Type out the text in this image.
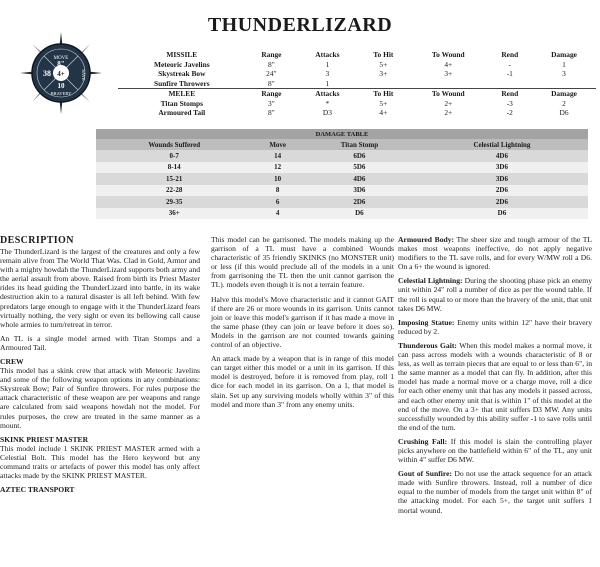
THUNDERLIZARD
4+
MOVE
8"
38	SAVE
10
BRAVERY
MISSILE	Range	Attacks	To Hit	To Wound	Rend	Damage
Meteoric Javelins	8"	1	5+	4+	-	1
Skystreak Bow	24"	3	3+	3+	-1	3
Sunfire Throwers	8"	1				
MELEE	Range	Attacks	To Hit	To Wound	Rend	Damage
Titan Stomps	3"	*	5+	2+	-3	2
Armoured Tail	8"	D3	4+	2+	-2	D6
DAMAGE TABLE			
Wounds Suffered	Move	Titan Stomp	Celestial Lightning
0-7	14	6D6	4D6
8-14	12	5D6	3D6
15-21	10	4D6	3D6
22-28	8	3D6	2D6
29-35	6	2D6	2D6
36+	4	D6	D6
DESCRIPTION

The ThunderLizard is the largest of the creatures and only a few remain alive from The World That Was. Clad in Gold, Armor and with a mighty howdah the ThunderLizard supports both army and the aerial assault from above. Raised from birth its Priest Master rides its head guiding the ThunderLizard into battle, in its wake destruction akin to a natural disaster is all left behind. With few predators large enough to engage with it the ThunderLizard fears virtually nothing, the very sight or even its bellowing call cause whole armies to turn/retreat in terror.

An TL is a single model armed with Titan Stomps and a Armoured Tail.

CREW

This model has a skink crew that attack with Meteoric Javelins and some of the following weapon options in any combinations: Skystreak Bow; Pair of Sunfire throwers. For rules purpose the attack characteristic of these weapon are per weapons and range are calculated from said weapons howdah not the model. For rules purposes, the crew are treated in the same manner as a mount.

SKINK PRIEST MASTER

This model include 1 SKINK PRIEST MASTER armed with a Celestial Bolt. This model has the Hero keyword but any command traits or artefacts of power this model has only affect attacks made by the SKINK PRIEST MASTER.

AZTEC TRANSPORT

This model can be garrisoned. The models making up the garrison of a TL must have a combined Wounds characteristic of 35 friendly SKINKS (no MONSTER unit) or less (if this would preclude all of the models in a unit from garrisoning the TL then the unit cannot garrison the TL). models even though it is not a terrain feature.

Halve this model's Move characteristic and it cannot GAIT if there are 26 or more wounds in its garrison. Units cannot join or leave this model's garrison if it has made a move in the same phase (they can join or leave before it does so). Models in the garrison are not counted towards gaining control of an objective.

An attack made by a weapon that is in range of this model can target either this model or a unit in its garrison. If this model is destroyed, before it is removed from play, roll 1 dice for each model in its garrison. On a 1, that model is slain. Set up any surviving models wholly within 3" of this model and more than 3" from any enemy units.

Armoured Body: The sheer size and tough armour of the TL makes most weapons ineffective, do not apply negative modifiers to the TL save rolls, and for every W/MW roll a D6. On a 6+ the wound is ignored.

Celestial Lightning: During the shooting phase pick an enemy unit within 24" roll a number of dice as per the wound table. If the roll is equal to or more than the bravery of the unit, that unit takes D6 MW.

Imposing Statue: Enemy units within 12" have their bravery reduced by 2.

Thunderous Gait: When this model makes a normal move, it can pass across models with a wounds characteristic of 8 or less, as well as terrain pieces that are equal to or less than 6", in the same manner as a model that can fly. In addition, after this model has made a normal move or a charge move, roll a dice for each other enemy unit that has any models it passed across, and each other enemy unit that is within 1" of this model at the end of the move. On a 3+ that unit suffers D3 MW. Any units successfully wounded by this ability suffer -1 to save rolls until the end of the turn.

Crushing Fall: If this model is slain the controlling player picks anywhere on the battlefield within 6" of the TL, any unit within 4" suffer D6 MW.

Gout of Sunfire: Do not use the attack sequence for an attack made with Sunfire throwers. Instead, roll a number of dice equal to the number of models from the target unit within 8" of the attacking model. For each 5+, the target unit suffers 1 mortal wound.
